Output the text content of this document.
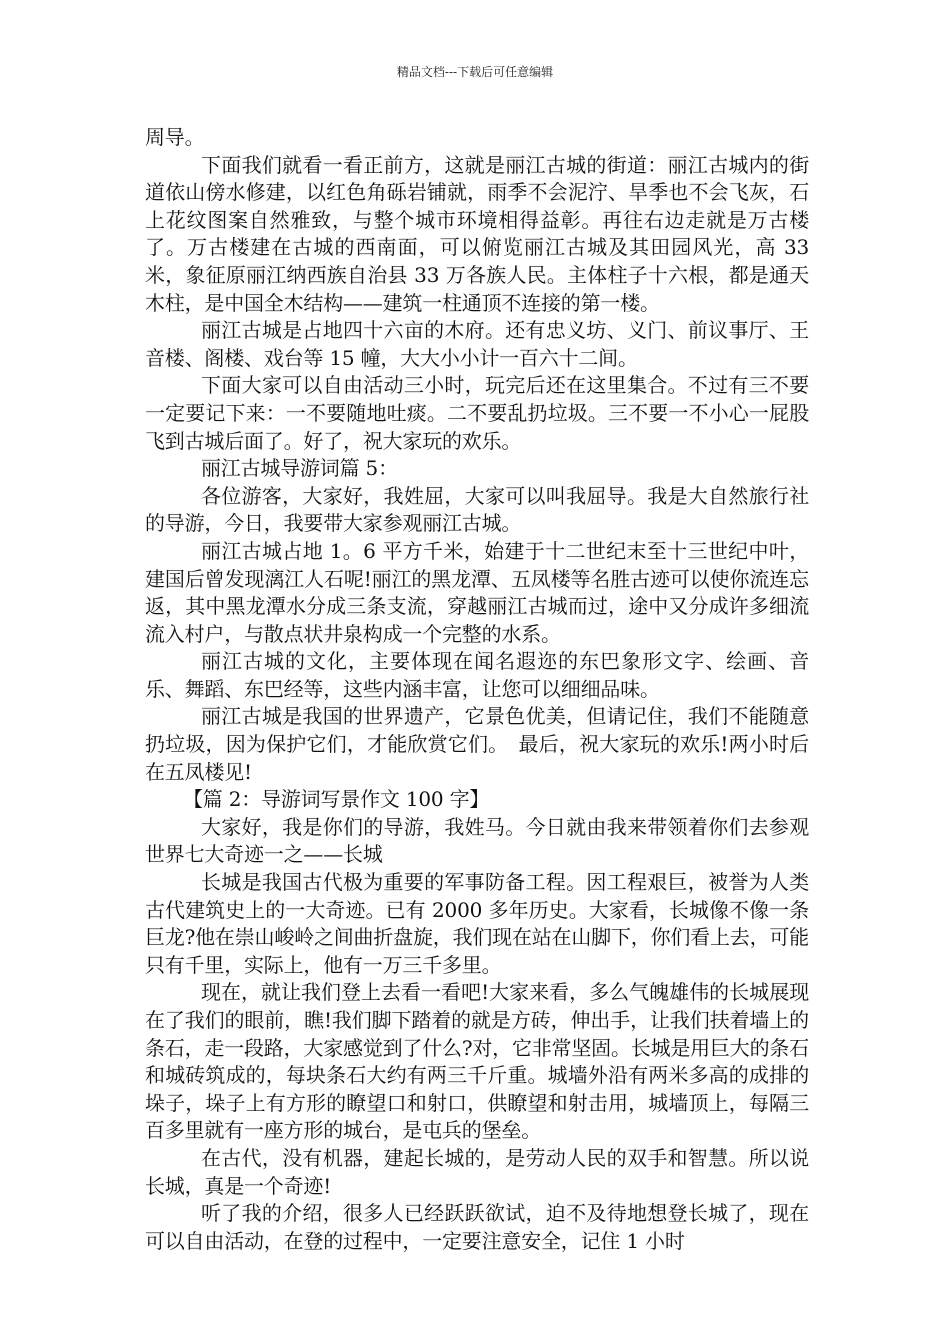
精品文档---下载后可任意编辑

周导。

下面我们就看一看正前方，这就是丽江古城的街道：丽江古城内的街道依山傍水修建，以红色角砾岩铺就，雨季不会泥泞、旱季也不会飞灰，石上花纹图案自然雅致，与整个城市环境相得益彰。再往右边走就是万古楼了。万古楼建在古城的西南面，可以俯览丽江古城及其田园风光，高 33 米，象征原丽江纳西族自治县 33 万各族人民。主体柱子十六根，都是通天木柱，是中国全木结构——建筑一柱通顶不连接的第一楼。

丽江古城是占地四十六亩的木府。还有忠义坊、义门、前议事厅、王音楼、阁楼、戏台等 15 幢，大大小小计一百六十二间。

下面大家可以自由活动三小时，玩完后还在这里集合。不过有三不要一定要记下来：一不要随地吐痰。二不要乱扔垃圾。三不要一不小心一屁股飞到古城后面了。好了，祝大家玩的欢乐。

丽江古城导游词篇 5：

各位游客，大家好，我姓屈，大家可以叫我屈导。我是大自然旅行社的导游，今日，我要带大家参观丽江古城。

丽江古城占地 1。6 平方千米，始建于十二世纪末至十三世纪中叶，建国后曾发现漓江人石呢!丽江的黑龙潭、五凤楼等名胜古迹可以使你流连忘返，其中黑龙潭水分成三条支流，穿越丽江古城而过，途中又分成许多细流流入村户，与散点状井泉构成一个完整的水系。

丽江古城的文化，主要体现在闻名遐迩的东巴象形文字、绘画、音乐、舞蹈、东巴经等，这些内涵丰富，让您可以细细品味。

丽江古城是我国的世界遗产，它景色优美，但请记住，我们不能随意扔垃圾，因为保护它们，才能欣赏它们。　最后，祝大家玩的欢乐!两小时后在五凤楼见!

【篇 2：导游词写景作文 100 字】

大家好，我是你们的导游，我姓马。今日就由我来带领着你们去参观世界七大奇迹一之——长城

长城是我国古代极为重要的军事防备工程。因工程艰巨，被誉为人类古代建筑史上的一大奇迹。已有 2000 多年历史。大家看，长城像不像一条巨龙?他在崇山峻岭之间曲折盘旋，我们现在站在山脚下，你们看上去，可能只有千里，实际上，他有一万三千多里。

现在，就让我们登上去看一看吧!大家来看，多么气魄雄伟的长城展现在了我们的眼前，瞧!我们脚下踏着的就是方砖，伸出手，让我们扶着墙上的条石，走一段路，大家感觉到了什么?对，它非常坚固。长城是用巨大的条石和城砖筑成的，每块条石大约有两三千斤重。城墙外沿有两米多高的成排的垛子，垛子上有方形的瞭望口和射口，供瞭望和射击用，城墙顶上，每隔三百多里就有一座方形的城台，是屯兵的堡垒。

在古代，没有机器，建起长城的，是劳动人民的双手和智慧。所以说长城，真是一个奇迹!

听了我的介绍，很多人已经跃跃欲试，迫不及待地想登长城了，现在可以自由活动，在登的过程中，一定要注意安全，记住 1 小时
